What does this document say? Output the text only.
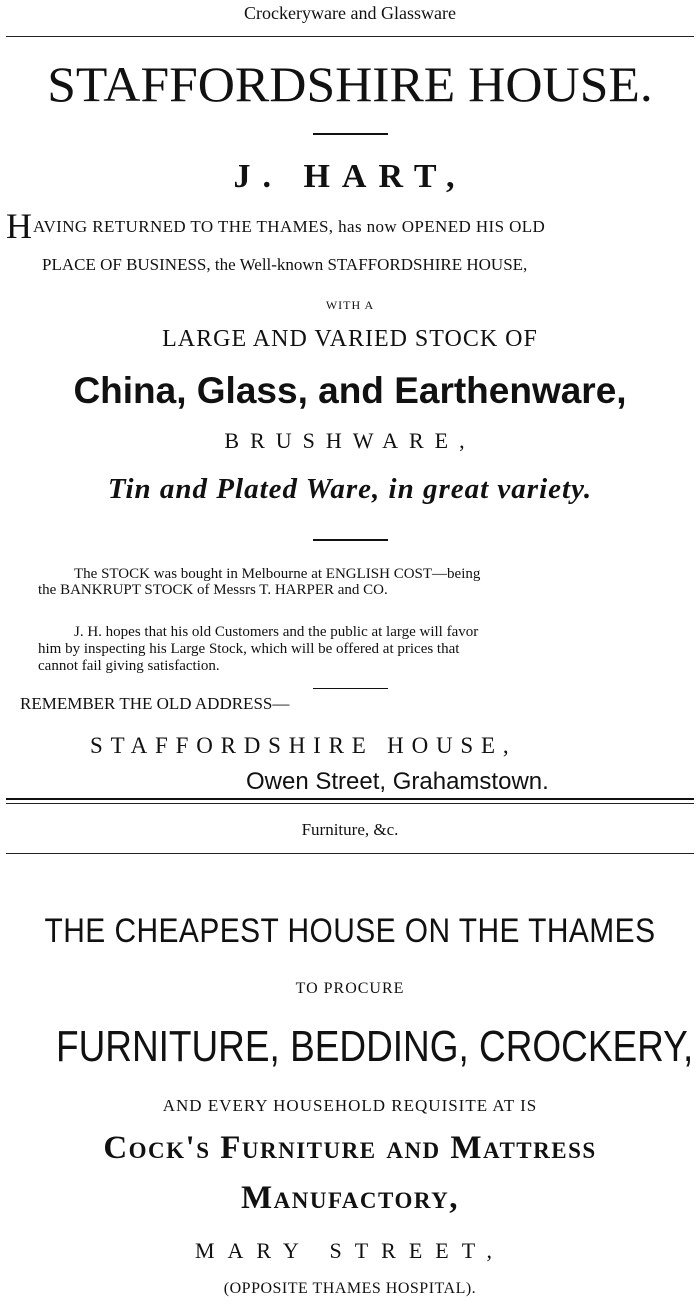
Crockeryware and Glassware
STAFFORDSHIRE HOUSE.
J. HART,
H AVING RETURNED TO THE THAMES, has now OPENED HIS OLD
PLACE OF BUSINESS, the Well-known STAFFORDSHIRE HOUSE,
WITH A
LARGE AND VARIED STOCK OF
China, Glass, and Earthenware,
BRUSHWARE,
Tin and Plated Ware, in great variety.
The STOCK was bought in Melbourne at ENGLISH COST—being
the BANKRUPT STOCK of Messrs T. HARPER and CO.
J. H. hopes that his old Customers and the public at large will favor
him by inspecting his Large Stock, which will be offered at prices that
cannot fail giving satisfaction.
REMEMBER THE OLD ADDRESS—
STAFFORDSHIRE HOUSE,
Owen Street, Grahamstown.
Furniture, &c.
THE CHEAPEST HOUSE ON THE THAMES
TO PROCURE
FURNITURE, BEDDING, CROCKERY,
AND EVERY HOUSEHOLD REQUISITE AT IS
Cock's Furniture and Mattress
Manufactory,
MARY STREET,
(OPPOSITE THAMES HOSPITAL).
